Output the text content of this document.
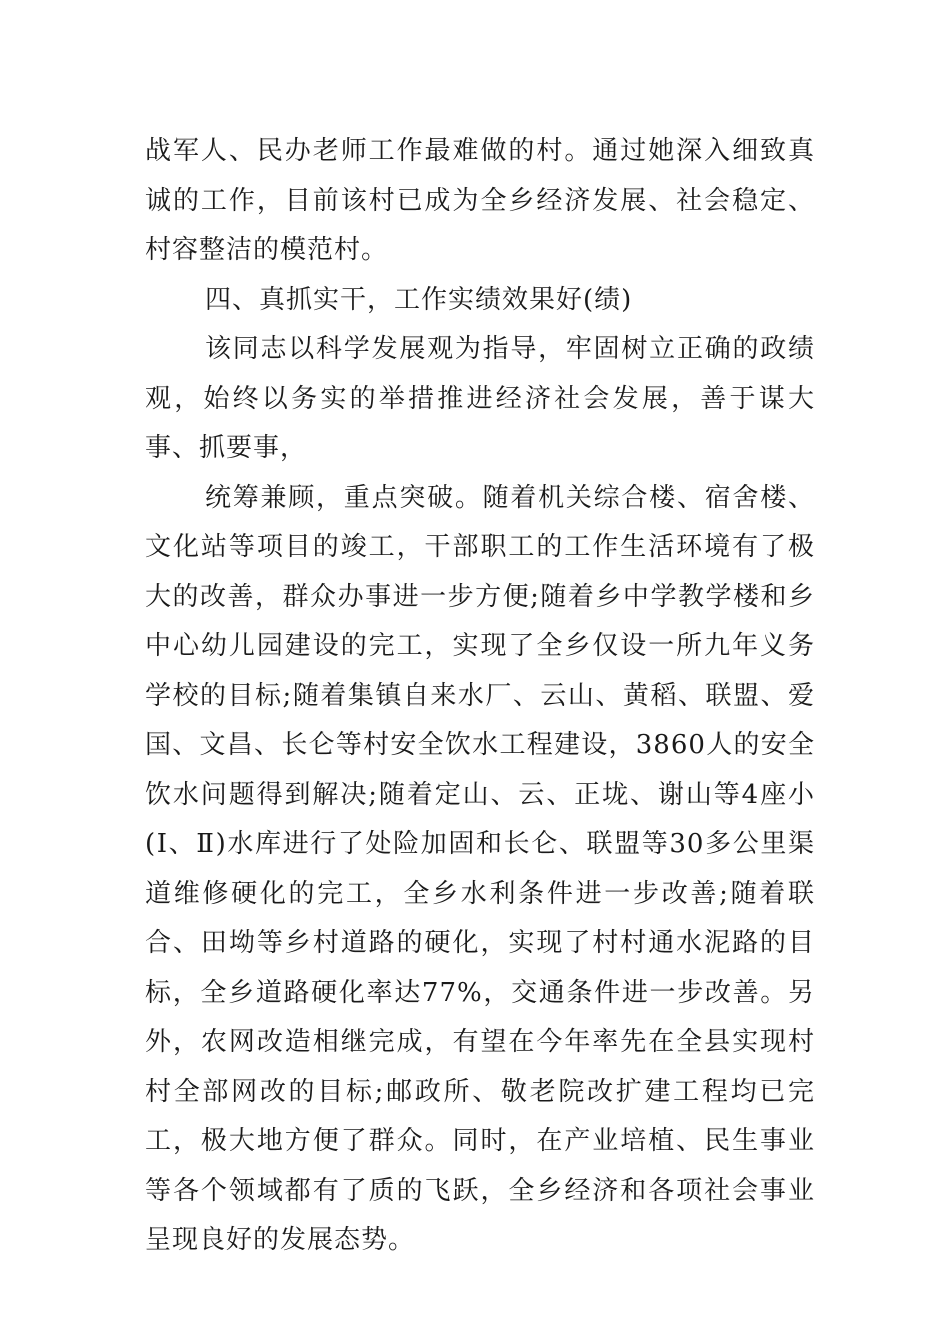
战军人、民办老师工作最难做的村。通过她深入细致真诚的工作，目前该村已成为全乡经济发展、社会稳定、村容整洁的模范村。

四、真抓实干，工作实绩效果好(绩)

该同志以科学发展观为指导，牢固树立正确的政绩观，始终以务实的举措推进经济社会发展，善于谋大事、抓要事，

统筹兼顾，重点突破。随着机关综合楼、宿舍楼、文化站等项目的竣工，干部职工的工作生活环境有了极大的改善，群众办事进一步方便;随着乡中学教学楼和乡中心幼儿园建设的完工，实现了全乡仅设一所九年义务学校的目标;随着集镇自来水厂、云山、黄稻、联盟、爱国、文昌、长仑等村安全饮水工程建设，3860人的安全饮水问题得到解决;随着定山、云、正垅、谢山等4座小(Ⅰ、Ⅱ)水库进行了处险加固和长仑、联盟等30多公里渠道维修硬化的完工，全乡水利条件进一步改善;随着联合、田坳等乡村道路的硬化，实现了村村通水泥路的目标，全乡道路硬化率达77%，交通条件进一步改善。另外，农网改造相继完成，有望在今年率先在全县实现村村全部网改的目标;邮政所、敬老院改扩建工程均已完工，极大地方便了群众。同时，在产业培植、民生事业等各个领域都有了质的飞跃，全乡经济和各项社会事业呈现良好的发展态势。
